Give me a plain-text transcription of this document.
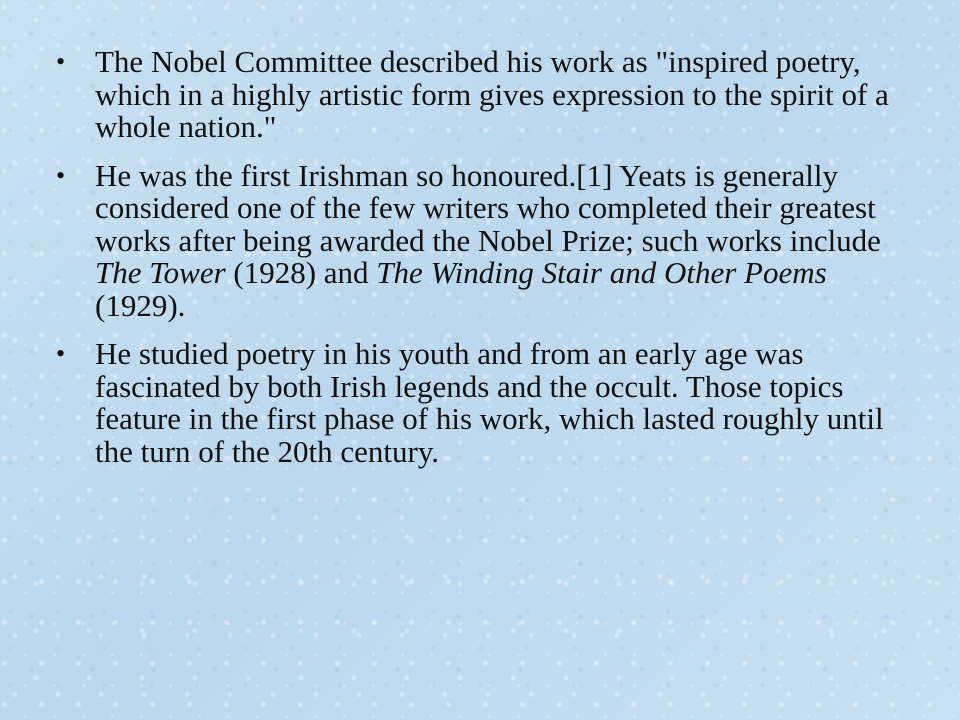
• The Nobel Committee described his work as "inspired poetry, which in a highly artistic form gives expression to the spirit of a whole nation."
• He was the first Irishman so honoured.[1] Yeats is generally considered one of the few writers who completed their greatest works after being awarded the Nobel Prize; such works include The Tower (1928) and The Winding Stair and Other Poems (1929).
• He studied poetry in his youth and from an early age was fascinated by both Irish legends and the occult. Those topics feature in the first phase of his work, which lasted roughly until the turn of the 20th century.
